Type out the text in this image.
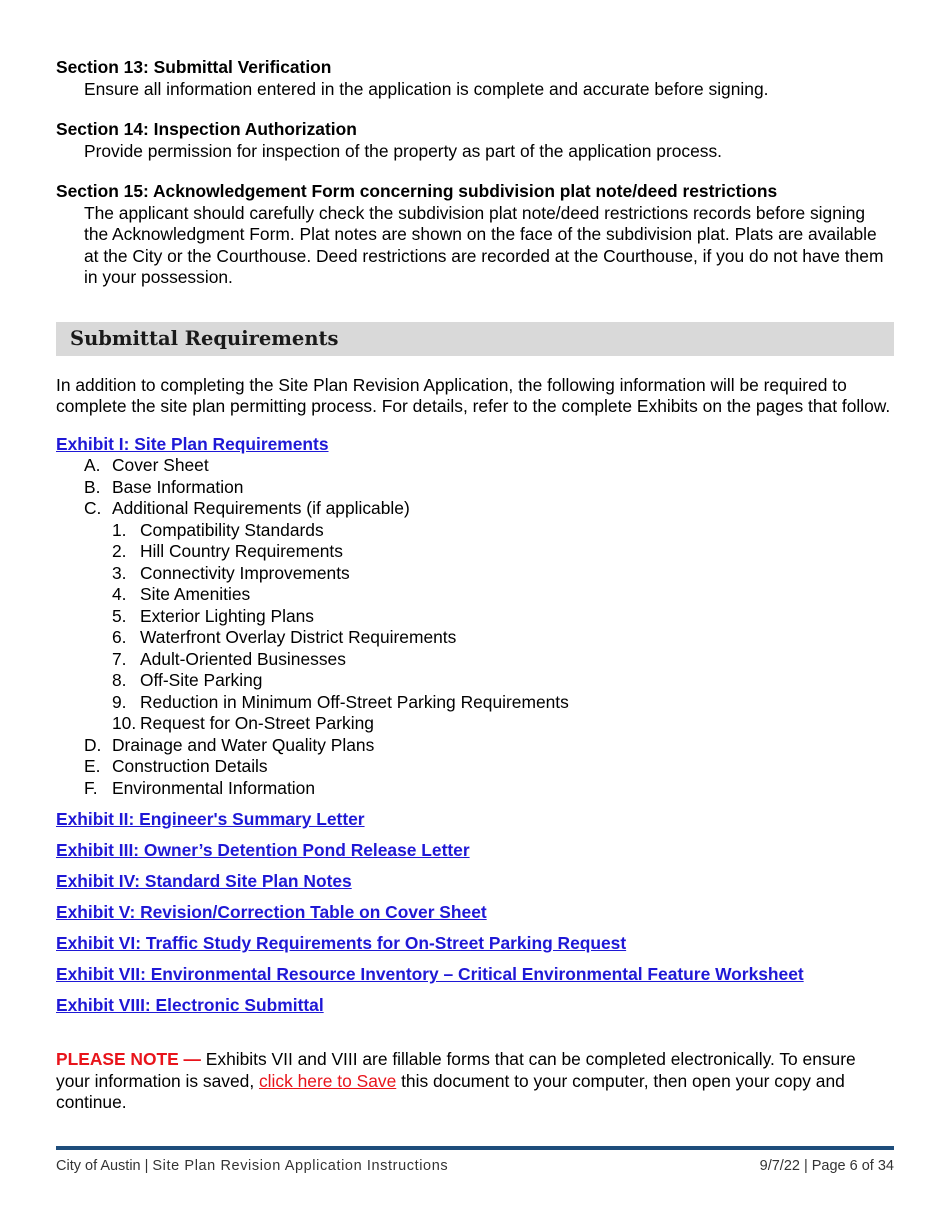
Section 13: Submittal Verification

Ensure all information entered in the application is complete and accurate before signing.

Section 14: Inspection Authorization

Provide permission for inspection of the property as part of the application process.

Section 15: Acknowledgement Form concerning subdivision plat note/deed restrictions

The applicant should carefully check the subdivision plat note/deed restrictions records before signing the Acknowledgment Form. Plat notes are shown on the face of the subdivision plat. Plats are available at the City or the Courthouse. Deed restrictions are recorded at the Courthouse, if you do not have them in your possession.

Submittal Requirements

In addition to completing the Site Plan Revision Application, the following information will be required to complete the site plan permitting process. For details, refer to the complete Exhibits on the pages that follow.

Exhibit I: Site Plan Requirements
A. Cover Sheet
B. Base Information
C. Additional Requirements (if applicable)
1. Compatibility Standards
2. Hill Country Requirements
3. Connectivity Improvements
4. Site Amenities
5. Exterior Lighting Plans
6. Waterfront Overlay District Requirements
7. Adult-Oriented Businesses
8. Off-Site Parking
9. Reduction in Minimum Off-Street Parking Requirements
10. Request for On-Street Parking
D. Drainage and Water Quality Plans
E. Construction Details
F. Environmental Information
Exhibit II: Engineer's Summary Letter
Exhibit III: Owner’s Detention Pond Release Letter
Exhibit IV: Standard Site Plan Notes
Exhibit V: Revision/Correction Table on Cover Sheet
Exhibit VI: Traffic Study Requirements for On-Street Parking Request
Exhibit VII: Environmental Resource Inventory – Critical Environmental Feature Worksheet
Exhibit VIII: Electronic Submittal

PLEASE NOTE — Exhibits VII and VIII are fillable forms that can be completed electronically. To ensure your information is saved, click here to Save this document to your computer, then open your copy and continue.

City of Austin | Site Plan Revision Application Instructions	9/7/22 | Page 6 of 34
